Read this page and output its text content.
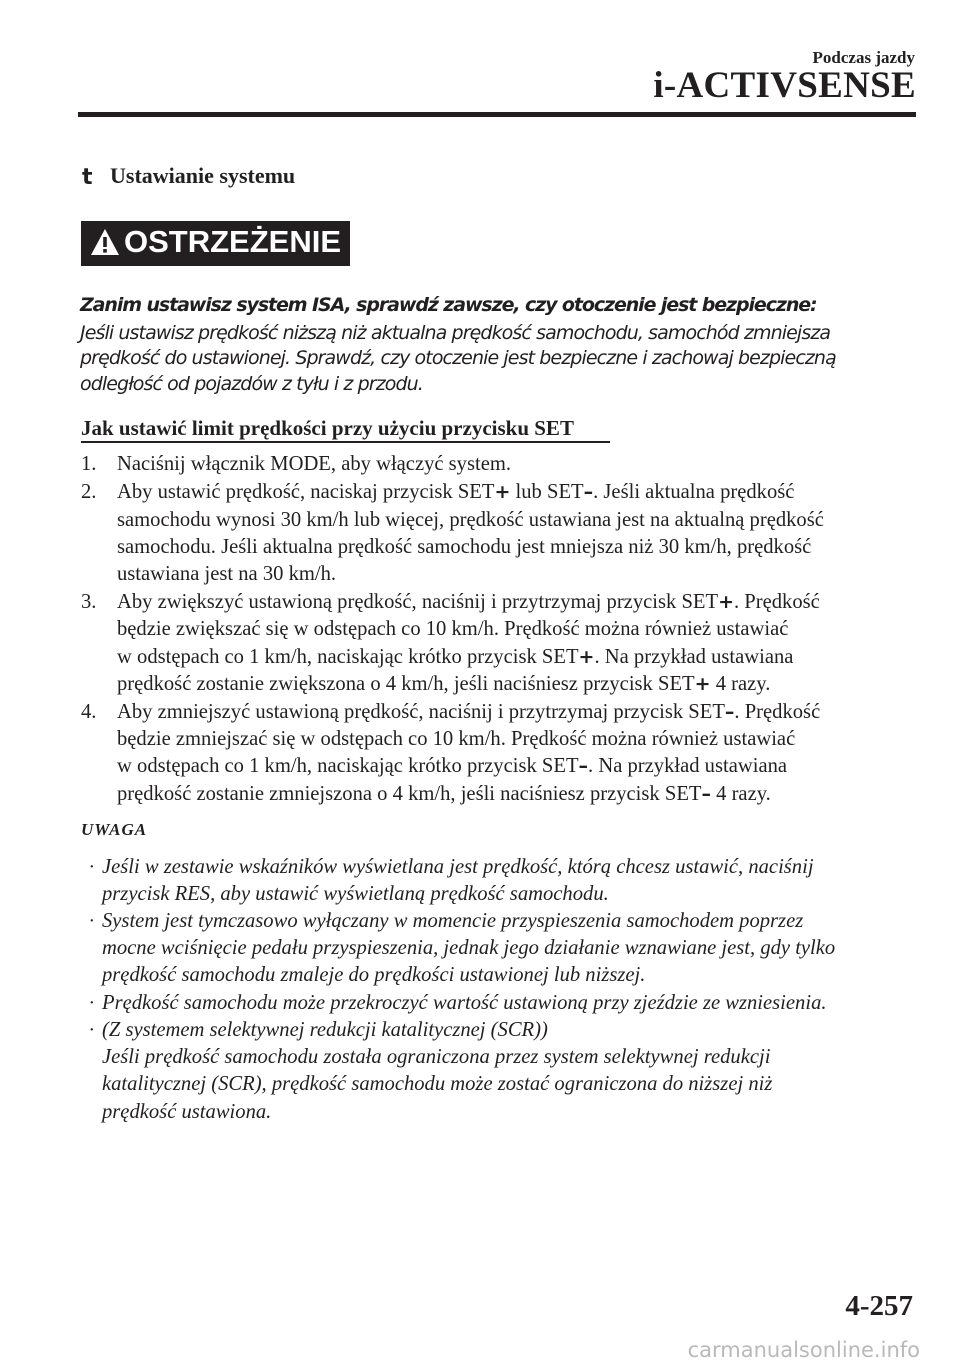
Podczas jazdy
i-ACTIVSENSE
t Ustawianie systemu
OSTRZEŻENIE
Zanim ustawisz system ISA, sprawdź zawsze, czy otoczenie jest bezpieczne:
Jeśli ustawisz prędkość niższą niż aktualna prędkość samochodu, samochód zmniejsza
prędkość do ustawionej. Sprawdź, czy otoczenie jest bezpieczne i zachowaj bezpieczną
odległość od pojazdów z tyłu i z przodu.
Jak ustawić limit prędkości przy użyciu przycisku SET
1. Naciśnij włącznik MODE, aby włączyć system.
2. Aby ustawić prędkość, naciskaj przycisk SET+ lub SET–. Jeśli aktualna prędkość
samochodu wynosi 30 km/h lub więcej, prędkość ustawiana jest na aktualną prędkość
samochodu. Jeśli aktualna prędkość samochodu jest mniejsza niż 30 km/h, prędkość
ustawiana jest na 30 km/h.
3. Aby zwiększyć ustawioną prędkość, naciśnij i przytrzymaj przycisk SET+. Prędkość
będzie zwiększać się w odstępach co 10 km/h. Prędkość można również ustawiać
w odstępach co 1 km/h, naciskając krótko przycisk SET+. Na przykład ustawiana
prędkość zostanie zwiększona o 4 km/h, jeśli naciśniesz przycisk SET+ 4 razy.
4. Aby zmniejszyć ustawioną prędkość, naciśnij i przytrzymaj przycisk SET–. Prędkość
będzie zmniejszać się w odstępach co 10 km/h. Prędkość można również ustawiać
w odstępach co 1 km/h, naciskając krótko przycisk SET–. Na przykład ustawiana
prędkość zostanie zmniejszona o 4 km/h, jeśli naciśniesz przycisk SET– 4 razy.
UWAGA
· Jeśli w zestawie wskaźników wyświetlana jest prędkość, którą chcesz ustawić, naciśnij
przycisk RES, aby ustawić wyświetlaną prędkość samochodu.
· System jest tymczasowo wyłączany w momencie przyspieszenia samochodem poprzez
mocne wciśnięcie pedału przyspieszenia, jednak jego działanie wznawiane jest, gdy tylko
prędkość samochodu zmaleje do prędkości ustawionej lub niższej.
· Prędkość samochodu może przekroczyć wartość ustawioną przy zjeździe ze wzniesienia.
· (Z systemem selektywnej redukcji katalitycznej (SCR))
Jeśli prędkość samochodu została ograniczona przez system selektywnej redukcji
katalitycznej (SCR), prędkość samochodu może zostać ograniczona do niższej niż
prędkość ustawiona.
4-257
carmanualsonline.info
